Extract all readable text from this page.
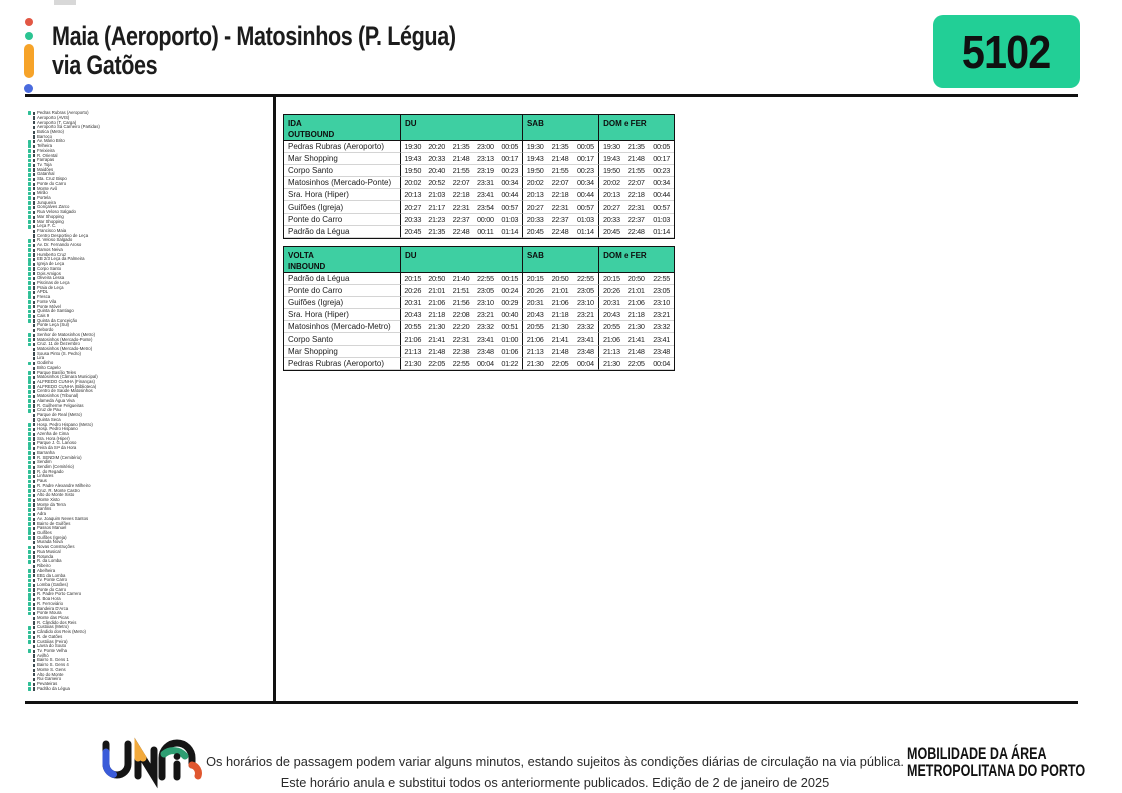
Maia (Aeroporto) - Matosinhos (P. Légua)
via Gatões	5102
Pedras Rubras (Aeroporto)
Aeroporto (AVIS)
Aeroporto (T. Carga)
Aeroporto Sá Carneiro (Partidas)
Botica (Metro)
Barroco
Av. Mário Brito
Telheira
Freixieira
R. Oriental
Farrapas
Tv. Toja
Maidões
Gatanhal
Sta. Cruz Bispo
Ponte do Carro
Monte Avô
Mirão
Portela
Junqueira
Gonçalves Zarco
Rua Veloso Salgado
Mar Shopping
Mar Shopping
Leça F. C.
Francisco Maia
Centro Desportivo de Leça
R. Veloso Salgado
Av. Dr. Fernando Aroso
Ramos Neiva
Humberto Cruz
EB 2/3 Leça da Palmeira
Igreja de Leça
Corpo Santo
Dois Amigos
Oliveira Lessa
Piscinas de Leça
Praia de Leça
APDL
Fresca
Fonte Vila
Ponte Móvel
Quinta de Santiago
Cais 9
Quinta da Conceição
Ponte Leça (Sul)
Rebordo
Senhor de Matosinhos (Metro)
Matosinhos (Mercado-Ponte)
Cruz. 11 de Dezembro
Matosinhos (Mercado-Metro)
Sousa Pinto (S. Pedro)
Lira
Godinho
Brito Capelo
Parque Basílio Teles
Matosinhos (Câmara Municipal)
ALFREDO CUNHA (Finanças)
ALFREDO CUNHA (Biblioteca)
Centro de Saúde Matosinhos
Matosinhos (Tribunal)
Alameda Água Viva
R. Guilherme Felgueiras
Cruz de Pau
Parque de Real (Metro)
Quinta Seca
Hosp. Pedro Hispano (Metro)
Hosp. Pedro Hispano
Azenha de Cima
Sra. Hora (Hiper)
Parque J. G. Lanoso
Feira da Srª da Hora
Barranha
R. SENDIM (Cemitério)
Sendim
Sendim (Cemitério)
R. do Regado
Linhares
Paus
R. Padre Alexandre Milheiro
Cruz. R. Monte Castro
Alto do Monte Xisto
Monte Xisto
Monte da Terra
Sanfins
Adra
Av. Joaquim Neves Santos
Bairro de Guifões
Passos Manuel
Guifões
Guifões (Igreja)
Murada Nova
Novas Construções
Rua Musical
Rotunda
R. da Lomba
Ribeiro
Abelheira
EB1 da Lomba
Tv. Ponte Carro
Lomba (Gatões)
Ponte do Carro
R. Padre Porto Carrero
R. Boa Hora
R. Ferroviário
Bandeira D'Arca
Ponte Moura
Monte das Picas
R. Cândido dos Reis
Custóias (Metro)
Cândido dos Reis (Metro)
R. de Gatões
Custóias (Feira)
Lavra do Souto
Tv. Ponte Velha
Avilhó
Bairro S. Gens 1
Bairro S. Gens 4
Monte S. Gens
Alto do Monte
Rui Gameiro
Pevateiras
Padrão da Légua
IDA
OUTBOUND
DU	SAB	DOM e FER
Pedras Rubras (Aeroporto)	19:30 20:20	21:35	23:00	00:05	19:30	21:35	00:05	19:30	21:35	00:05
Mar Shopping	19:43 20:33	21:48	23:13	00:17	19:43	21:48	00:17	19:43	21:48	00:17
Corpo Santo	19:50 20:40	21:55	23:19	00:23	19:50	21:55	00:23	19:50	21:55	00:23
Matosinhos (Mercado-Ponte)	20:02 20:52	22:07	23:31	00:34	20:02	22:07	00:34	20:02	22:07	00:34
Sra. Hora (Hiper)	20:13 21:03	22:18	23:41	00:44	20:13	22:18	00:44	20:13	22:18	00:44
Guifões (Igreja)	20:27 21:17	22:31	23:54	00:57	20:27	22:31	00:57	20:27	22:31	00:57
Ponte do Carro	20:33 21:23	22:37	00:00	01:03	20:33	22:37	01:03	20:33	22:37	01:03
Padrão da Légua	20:45 21:35	22:48	00:11	01:14	20:45	22:48	01:14	20:45	22:48	01:14
VOLTA
INBOUND
DU	SAB	DOM e FER
Padrão da Légua	20:15 20:50	21:40	22:55	00:15	20:15	20:50	22:55	20:15	20:50	22:55
Ponte do Carro	20:26 21:01	21:51	23:05	00:24	20:26	21:01	23:05	20:26	21:01	23:05
Guifões (Igreja)	20:31 21:06	21:56	23:10	00:29	20:31	21:06	23:10	20:31	21:06	23:10
Sra. Hora (Hiper)	20:43 21:18	22:08	23:21	00:40	20:43	21:18	23:21	20:43	21:18	23:21
Matosinhos (Mercado-Metro)	20:55 21:30	22:20	23:32	00:51	20:55	21:30	23:32	20:55	21:30	23:32
Corpo Santo	21:06 21:41	22:31	23:41	01:00	21:06	21:41	23:41	21:06	21:41	23:41
Mar Shopping	21:13 21:48	22:38	23:48	01:06	21:13	21:48	23:48	21:13	21:48	23:48
Pedras Rubras (Aeroporto)	21:30 22:05	22:55	00:04	01:22	21:30	22:05	00:04	21:30	22:05	00:04
Os horários de passagem podem variar alguns minutos, estando sujeitos às condições diárias de circulação na via pública.
Este horário anula e substitui todos os anteriormente publicados. Edição de 2 de janeiro de 2025
MOBILIDADE DA ÁREA
METROPOLITANA DO PORTO
